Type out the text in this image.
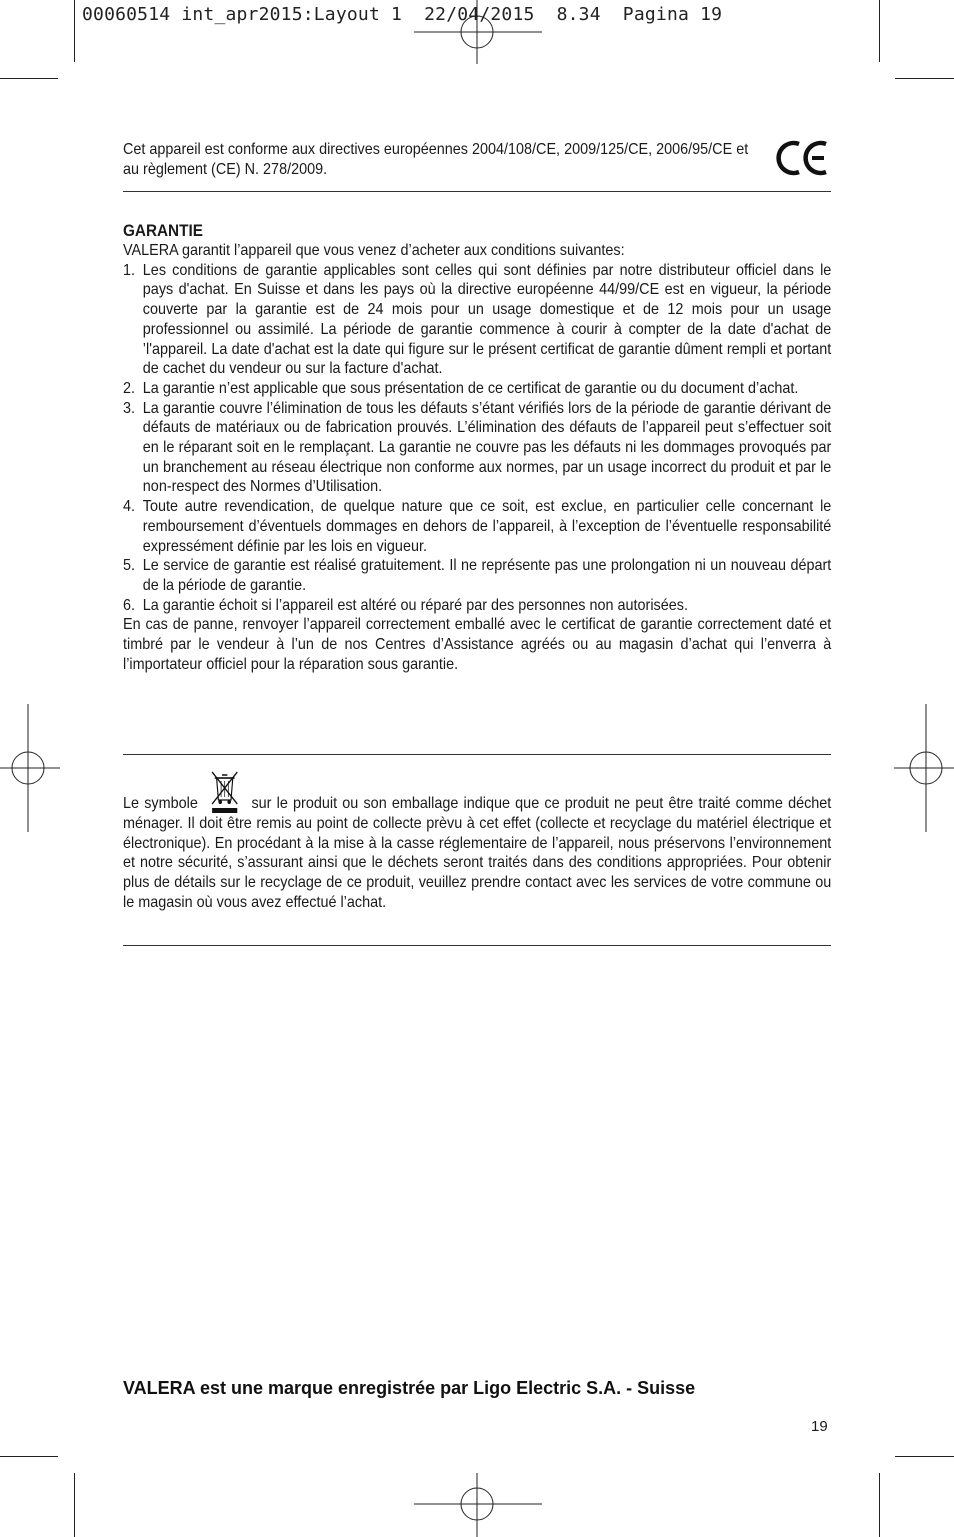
00060514 int_apr2015:Layout 1  22/04/2015  8.34  Pagina 19
Cet appareil est conforme aux directives européennes 2004/108/CE, 2009/125/CE, 2006/95/CE et au règlement (CE) N. 278/2009.
GARANTIE

VALERA garantit l’appareil que vous venez d’acheter aux conditions suivantes:

1. Les conditions de garantie applicables sont celles qui sont définies par notre distributeur officiel dans le pays d'achat. En Suisse et dans les pays où la directive européenne 44/99/CE est en vigueur, la période couverte par la garantie est de 24 mois pour un usage domestique et de 12 mois pour un usage professionnel ou assimilé. La période de garantie commence à courir à compter de la date d'achat de ’l'appareil. La date d'achat est la date qui figure sur le présent certificat de garantie dûment rempli et portant de cachet du vendeur ou sur la facture d'achat.
2. La garantie n’est applicable que sous présentation de ce certificat de garantie ou du document d’achat.
3. La garantie couvre l’élimination de tous les défauts s’étant vérifiés lors de la période de garantie dérivant de défauts de matériaux ou de fabrication prouvés. L’élimination des défauts de l’appareil peut s’effectuer soit en le réparant soit en le remplaçant. La garantie ne couvre pas les défauts ni les dommages provoqués par un branchement au réseau électrique non conforme aux normes, par un usage incorrect du produit et par le non-respect des Normes d’Utilisation.
4. Toute autre revendication, de quelque nature que ce soit, est exclue, en particulier celle concernant le remboursement d’éventuels dommages en dehors de l’appareil, à l’exception de l’éventuelle responsabilité expressément définie par les lois en vigueur.
5. Le service de garantie est réalisé gratuitement. Il ne représente pas une prolongation ni un nouveau départ de la période de garantie.
6. La garantie échoit si l’appareil est altéré ou réparé par des personnes non autorisées.

En cas de panne, renvoyer l’appareil correctement emballé avec le certificat de garantie correctement daté et timbré par le vendeur à l’un de nos Centres d’Assistance agréés ou au magasin d’achat qui l’enverra à l’importateur officiel pour la réparation sous garantie.

Le symbole	sur le produit ou son emballage indique que ce produit ne peut être traité comme déchet ménager. Il doit être remis au point de collecte prèvu à cet effet (collecte et recyclage du matériel électrique et électronique). En procédant à la mise à la casse réglementaire de l’appareil, nous préservons l’environnement et notre sécurité, s’assurant ainsi que le déchets seront traités dans des conditions appropriées. Pour obtenir plus de détails sur le recyclage de ce produit, veuillez prendre contact avec les services de votre commune ou le magasin où vous avez effectué l’achat.
VALERA est une marque enregistrée par Ligo Electric S.A. - Suisse
19
